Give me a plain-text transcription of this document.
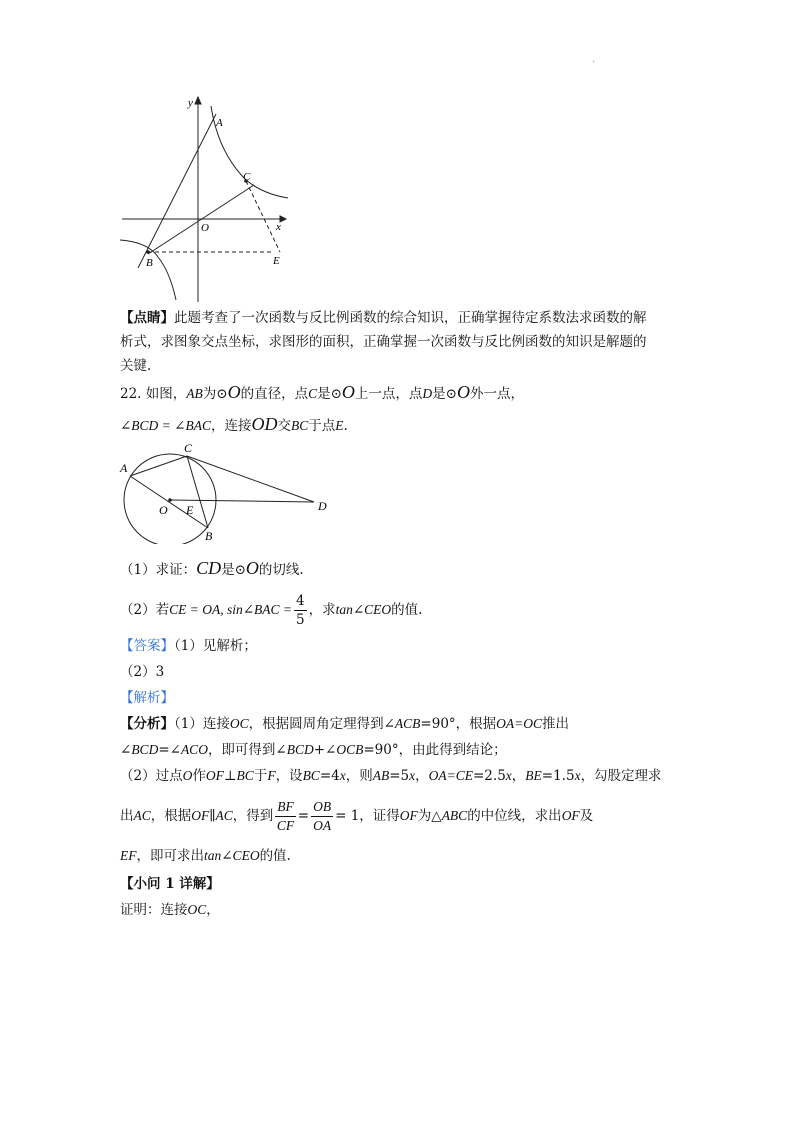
.
y
A
C
O	x
B	E
【点睛】此题考查了一次函数与反比例函数的综合知识，正确掌握待定系数法求函数的解
析式，求图象交点坐标，求图形的面积，正确掌握一次函数与反比例函数的知识是解题的
关键.
22. 如图，AB为⊙O的直径，点C是⊙O上一点，点D是⊙O外一点，
∠BCD = ∠BAC，连接OD交BC于点E.
A
C
O E	D
B
（1）求证：CD是⊙O的切线.
（2）若CE = OA, sin∠BAC = $\frac{4}{5}$ ，求tan∠CEO的值.
【答案】（1）见解析；
（2）3
【解析】
【分析】（1）连接OC，根据圆周角定理得到∠ACB=90°，根据OA=OC推出
∠BCD=∠ACO，即可得到∠BCD+∠OCB=90°，由此得到结论；
（2）过点O作OF⊥BC于F，设BC=4x，则AB=5x，OA=CE=2.5x，BE=1.5x，勾股定理求
出AC，根据OF∥AC，得到 $\frac{BF}{CF} = \frac{OB}{OA} = 1$，证得OF为△ABC的中位线，求出OF及
EF，即可求出tan∠CEO的值.
【小问 1 详解】
证明：连接OC，
